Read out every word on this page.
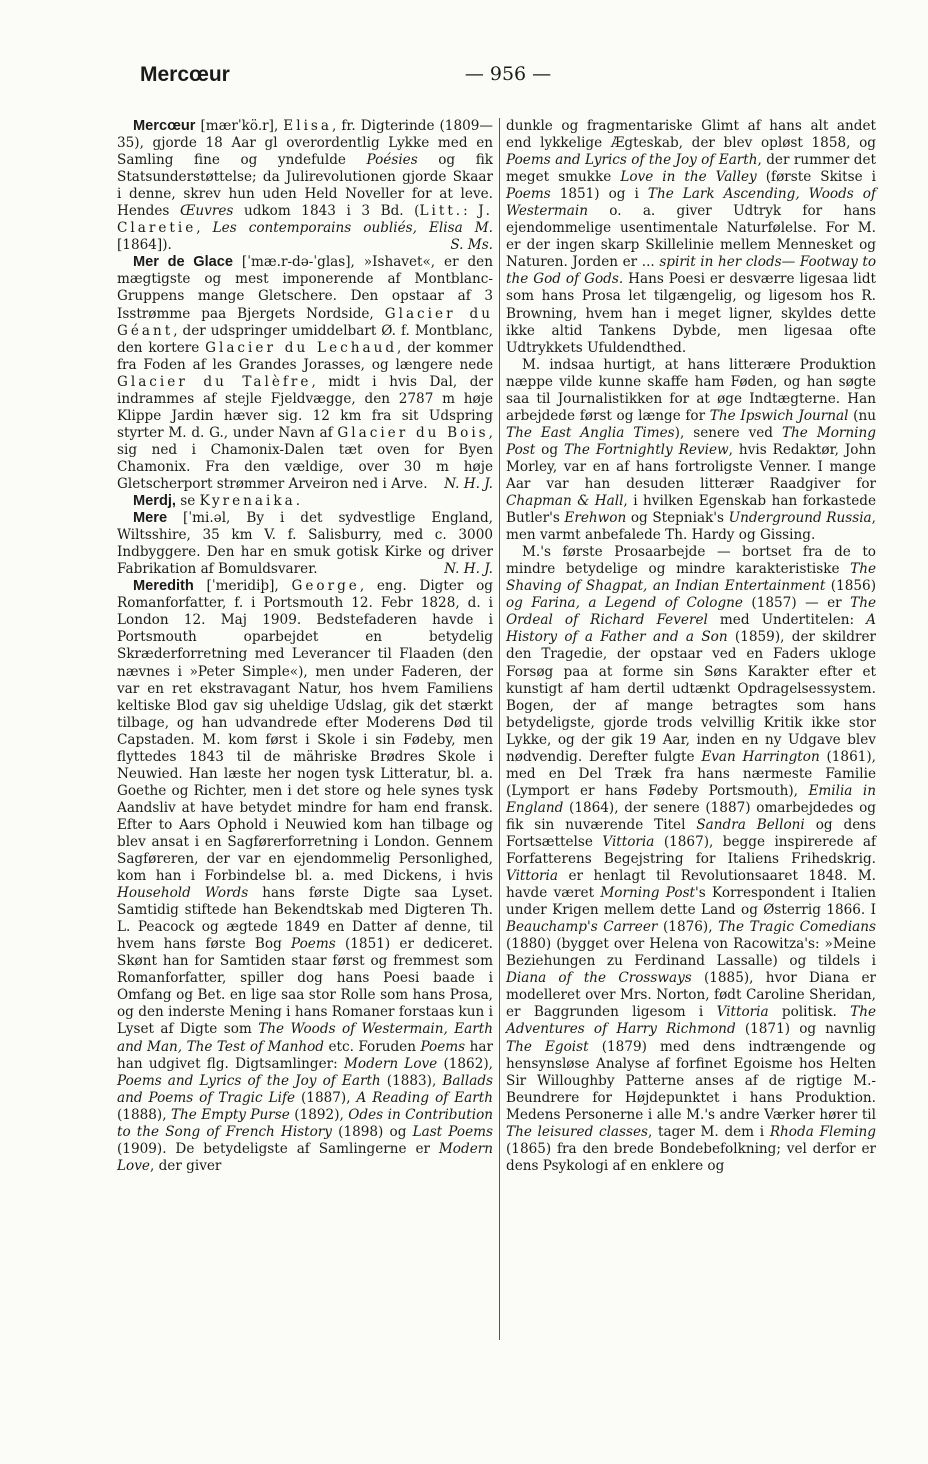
Mercœur	— 956 —

Mercœur [mærˈkö.r], Elisa, fr. Digterinde (1809—35), gjorde 18 Aar gl overordentlig Lykke med en Samling fine og yndefulde Poésies og fik Statsunderstøttelse; da Julirevolutionen gjorde Skaar i denne, skrev hun uden Held Noveller for at leve. Hendes Œuvres udkom 1843 i 3 Bd. (Litt.: J. Claretie, Les contemporains oubliés, Elisa M. [1864]).	S. Ms.

Mer de Glace [ˈmæ.r-dǝ-ˈglas], »Ishavet«, er den mægtigste og mest imponerende af Montblanc-Gruppens mange Gletschere. Den opstaar af 3 Isstrømme paa Bjergets Nordside, Glacier du Géant, der udspringer umiddelbart Ø. f. Montblanc, den kortere Glacier du Lechaud, der kommer fra Foden af les Grandes Jorasses, og længere nede Glacier du Talèfre, midt i hvis Dal, der indrammes af stejle Fjeldvægge, den 2787 m høje Klippe Jardin hæver sig. 12 km fra sit Udspring styrter M. d. G., under Navn af Glacier du Bois, sig ned i Chamonix-Dalen tæt oven for Byen Chamonix. Fra den vældige, over 30 m høje Gletscherport strømmer Arveiron ned i Arve.	N. H. J.

Merdj, se Kyrenaika.

Mere [ˈmi.ǝl, By i det sydvestlige England, Wiltsshire, 35 km V. f. Salisburry, med c. 3000 Indbyggere. Den har en smuk gotisk Kirke og driver Fabrikation af Bomuldsvarer.	N. H. J.

Meredith [ˈmeridiþ], George, eng. Digter og Romanforfatter, f. i Portsmouth 12. Febr 1828, d. i London 12. Maj 1909. Bedstefaderen havde i Portsmouth oparbejdet en betydelig Skræderforretning med Leverancer til Flaaden (den nævnes i »Peter Simple«), men under Faderen, der var en ret ekstravagant Natur, hos hvem Familiens keltiske Blod gav sig uheldige Udslag, gik det stærkt tilbage, og han udvandrede efter Moderens Død til Capstaden. M. kom først i Skole i sin Fødeby, men flyttedes 1843 til de mähriske Brødres Skole i Neuwied. Han læste her nogen tysk Litteratur, bl. a. Goethe og Richter, men i det store og hele synes tysk Aandsliv at have betydet mindre for ham end fransk. Efter to Aars Ophold i Neuwied kom han tilbage og blev ansat i en Sagførerforretning i London. Gennem Sagføreren, der var en ejendommelig Personlighed, kom han i Forbindelse bl. a. med Dickens, i hvis Household Words hans første Digte saa Lyset. Samtidig stiftede han Bekendtskab med Digteren Th. L. Peacock og ægtede 1849 en Datter af denne, til hvem hans første Bog Poems (1851) er dediceret. Skønt han for Samtiden staar først og fremmest som Romanforfatter, spiller dog hans Poesi baade i Omfang og Bet. en lige saa stor Rolle som hans Prosa, og den inderste Mening i hans Romaner forstaas kun i Lyset af Digte som The Woods of Westermain, Earth and Man, The Test of Manhod etc. Foruden Poems har han udgivet flg. Digtsamlinger: Modern Love (1862), Poems and Lyrics of the Joy of Earth (1883), Ballads and Poems of Tragic Life (1887), A Reading of Earth (1888), The Empty Purse (1892), Odes in Contribution to the Song of French History (1898) og Last Poems (1909). De betydeligste af Samlingerne er Modern Love, der giver

dunkle og fragmentariske Glimt af hans alt andet end lykkelige Ægteskab, der blev opløst 1858, og Poems and Lyrics of the Joy of Earth, der rummer det meget smukke Love in the Valley (første Skitse i Poems 1851) og i The Lark Ascending, Woods of Westermain o. a. giver Udtryk for hans ejendommelige usentimentale Naturfølelse. For M. er der ingen skarp Skillelinie mellem Mennesket og Naturen. Jorden er ... spirit in her clods— Footway to the God of Gods. Hans Poesi er desværre ligesaa lidt som hans Prosa let tilgængelig, og ligesom hos R. Browning, hvem han i meget ligner, skyldes dette ikke altid Tankens Dybde, men ligesaa ofte Udtrykkets Ufuldendthed.

M. indsaa hurtigt, at hans litterære Produktion næppe vilde kunne skaffe ham Føden, og han søgte saa til Journalistikken for at øge Indtægterne. Han arbejdede først og længe for The Ipswich Journal (nu The East Anglia Times), senere ved The Morning Post og The Fortnightly Review, hvis Redaktør, John Morley, var en af hans fortroligste Venner. I mange Aar var han desuden litterær Raadgiver for Chapman & Hall, i hvilken Egenskab han forkastede Butler's Erehwon og Stepniak's Underground Russia, men varmt anbefalede Th. Hardy og Gissing.

M.'s første Prosaarbejde — bortset fra de to mindre betydelige og mindre karakteristiske The Shaving of Shagpat, an Indian Entertainment (1856) og Farina, a Legend of Cologne (1857) — er The Ordeal of Richard Feverel med Undertitelen: A History of a Father and a Son (1859), der skildrer den Tragedie, der opstaar ved en Faders ukloge Forsøg paa at forme sin Søns Karakter efter et kunstigt af ham dertil udtænkt Opdragelsessystem. Bogen, der af mange betragtes som hans betydeligste, gjorde trods velvillig Kritik ikke stor Lykke, og der gik 19 Aar, inden en ny Udgave blev nødvendig. Derefter fulgte Evan Harrington (1861), med en Del Træk fra hans nærmeste Familie (Lymport er hans Fødeby Portsmouth), Emilia in England (1864), der senere (1887) omarbejdedes og fik sin nuværende Titel Sandra Belloni og dens Fortsættelse Vittoria (1867), begge inspirerede af Forfatterens Begejstring for Italiens Frihedskrig. Vittoria er henlagt til Revolutionsaaret 1848. M. havde været Morning Post's Korrespondent i Italien under Krigen mellem dette Land og Østerrig 1866. I Beauchamp's Carreer (1876), The Tragic Comedians (1880) (bygget over Helena von Racowitza's: »Meine Beziehungen zu Ferdinand Lassalle) og tildels i Diana of the Crossways (1885), hvor Diana er modelleret over Mrs. Norton, født Caroline Sheridan, er Baggrunden ligesom i Vittoria politisk. The Adventures of Harry Richmond (1871) og navnlig The Egoist (1879) med dens indtrængende og hensynsløse Analyse af forfinet Egoisme hos Helten Sir Willoughby Patterne anses af de rigtige M.-Beundrere for Højdepunktet i hans Produktion. Medens Personerne i alle M.'s andre Værker hører til The leisured classes, tager M. dem i Rhoda Fleming (1865) fra den brede Bondebefolkning; vel derfor er dens Psykologi af en enklere og
